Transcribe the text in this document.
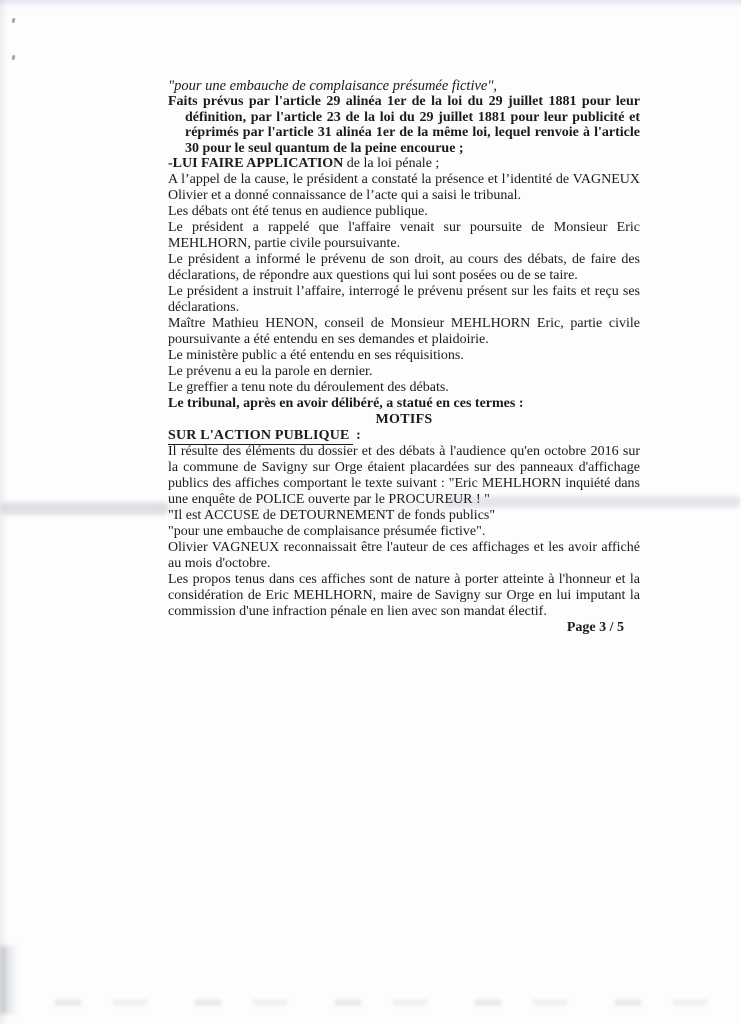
"pour une embauche de complaisance présumée fictive",
Faits prévus par l'article 29 alinéa 1er de la loi du 29 juillet 1881 pour leur définition, par l'article 23 de la loi du 29 juillet 1881 pour leur publicité et réprimés par l'article 31 alinéa 1er de la même loi, lequel renvoie à l'article 30 pour le seul quantum de la peine encourue ;
-LUI FAIRE APPLICATION de la loi pénale ;
A l’appel de la cause, le président a constaté la présence et l’identité de VAGNEUX Olivier et a donné connaissance de l’acte qui a saisi le tribunal.
Les débats ont été tenus en audience publique.
Le président a rappelé que l'affaire venait sur poursuite de Monsieur Eric MEHLHORN, partie civile poursuivante.
Le président a informé le prévenu de son droit, au cours des débats, de faire des déclarations, de répondre aux questions qui lui sont posées ou de se taire.
Le président a instruit l’affaire, interrogé le prévenu présent sur les faits et reçu ses déclarations.
Maître Mathieu HENON, conseil de Monsieur MEHLHORN Eric, partie civile poursuivante a été entendu en ses demandes et plaidoirie.
Le ministère public a été entendu en ses réquisitions.
Le prévenu a eu la parole en dernier.
Le greffier a tenu note du déroulement des débats.
Le tribunal, après en avoir délibéré, a statué en ces termes :
MOTIFS
SUR L'ACTION PUBLIQUE :
Il résulte des éléments du dossier et des débats à l'audience qu'en octobre 2016 sur la commune de Savigny sur Orge étaient placardées sur des panneaux d'affichage publics des affiches comportant le texte suivant : "Eric MEHLHORN inquiété dans une enquête de POLICE ouverte par le PROCUREUR ! "
"Il est ACCUSE de DETOURNEMENT de fonds publics"
"pour une embauche de complaisance présumée fictive".
Olivier VAGNEUX reconnaissait être l'auteur de ces affichages et les avoir affiché au mois d'octobre.
Les propos tenus dans ces affiches sont de nature à porter atteinte à l'honneur et la considération de Eric MEHLHORN, maire de Savigny sur Orge en lui imputant la commission d'une infraction pénale en lien avec son mandat électif.
Page 3 / 5
